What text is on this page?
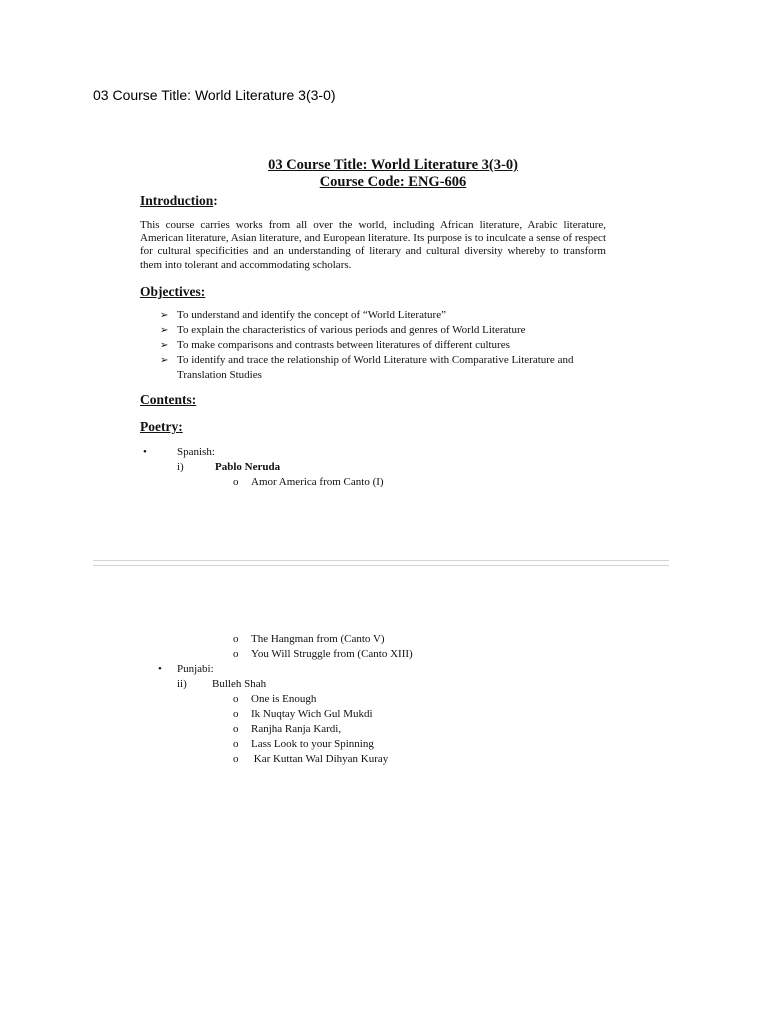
03 Course Title: World Literature 3(3-0)
03 Course Title: World Literature 3(3-0)
Course Code: ENG-606
Introduction:
This course carries works from all over the world, including African literature, Arabic literature, American literature, Asian literature, and European literature. Its purpose is to inculcate a sense of respect for cultural specificities and an understanding of literary and cultural diversity whereby to transform them into tolerant and accommodating scholars.
Objectives:
➢ To understand and identify the concept of “World Literature”
➢ To explain the characteristics of various periods and genres of World Literature
➢ To make comparisons and contrasts between literatures of different cultures
➢ To identify and trace the relationship of World Literature with Comparative Literature and Translation Studies
Contents:
Poetry:
•	Spanish:
i)	Pablo Neruda
o Amor America from Canto (I)
o The Hangman from (Canto V)
o You Will Struggle from (Canto XIII)
• Punjabi:
ii) Bulleh Shah
o One is Enough
o Ik Nuqtay Wich Gul Mukdi
o Ranjha Ranja Kardi,
o Lass Look to your Spinning
o Kar Kuttan Wal Dihyan Kuray
